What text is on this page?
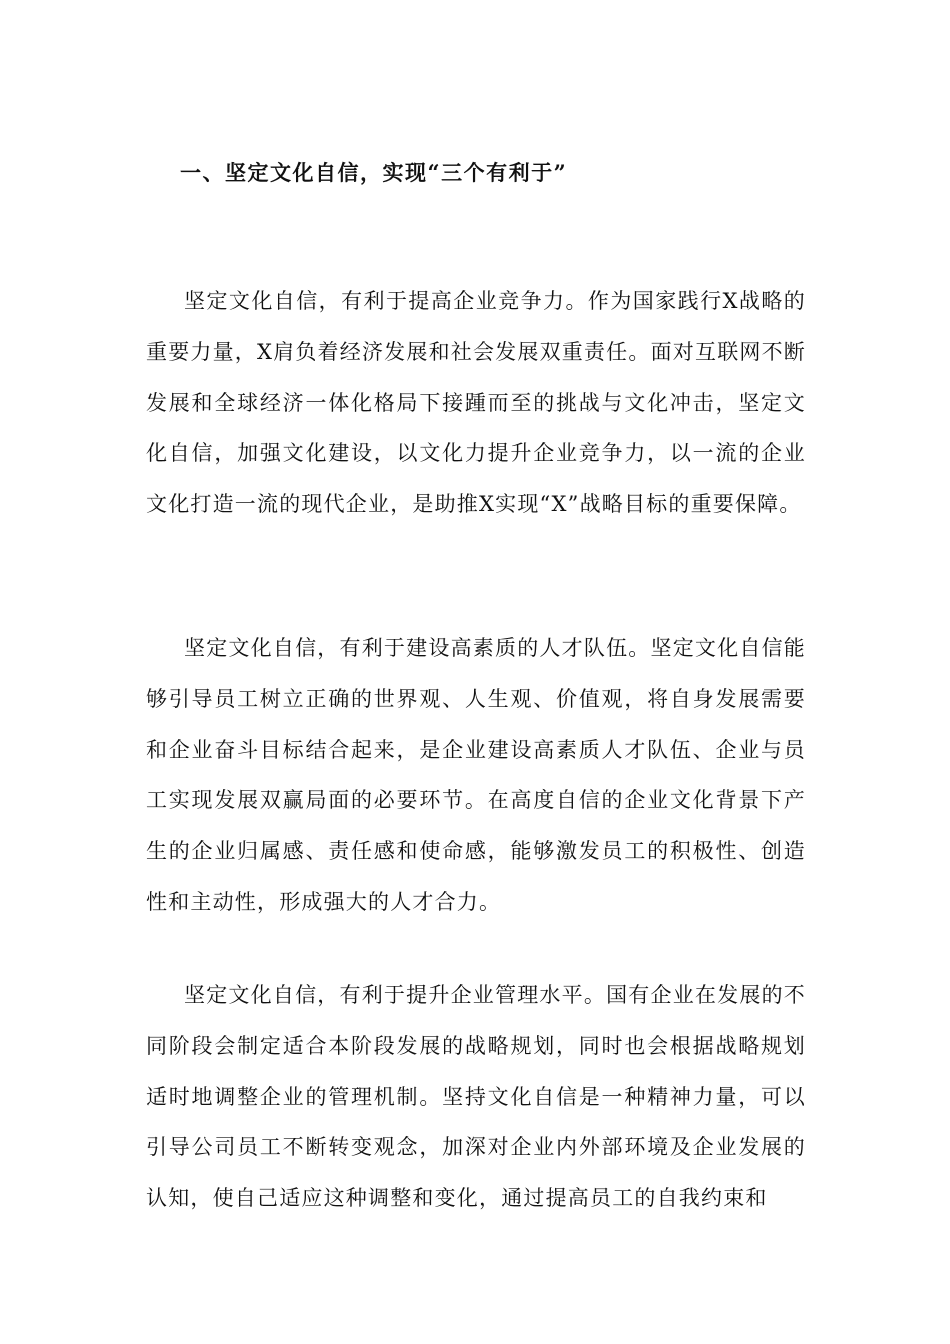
一、坚定文化自信，实现“三个有利于”

坚定文化自信，有利于提高企业竞争力。作为国家践行X战略的重要力量，X肩负着经济发展和社会发展双重责任。面对互联网不断发展和全球经济一体化格局下接踵而至的挑战与文化冲击，坚定文化自信，加强文化建设，以文化力提升企业竞争力，以一流的企业文化打造一流的现代企业，是助推X实现“X”战略目标的重要保障。

坚定文化自信，有利于建设高素质的人才队伍。坚定文化自信能够引导员工树立正确的世界观、人生观、价值观，将自身发展需要和企业奋斗目标结合起来，是企业建设高素质人才队伍、企业与员工实现发展双赢局面的必要环节。在高度自信的企业文化背景下产生的企业归属感、责任感和使命感，能够激发员工的积极性、创造性和主动性，形成强大的人才合力。

坚定文化自信，有利于提升企业管理水平。国有企业在发展的不同阶段会制定适合本阶段发展的战略规划，同时也会根据战略规划适时地调整企业的管理机制。坚持文化自信是一种精神力量，可以引导公司员工不断转变观念，加深对企业内外部环境及企业发展的认知，使自己适应这种调整和变化，通过提高员工的自我约束和
